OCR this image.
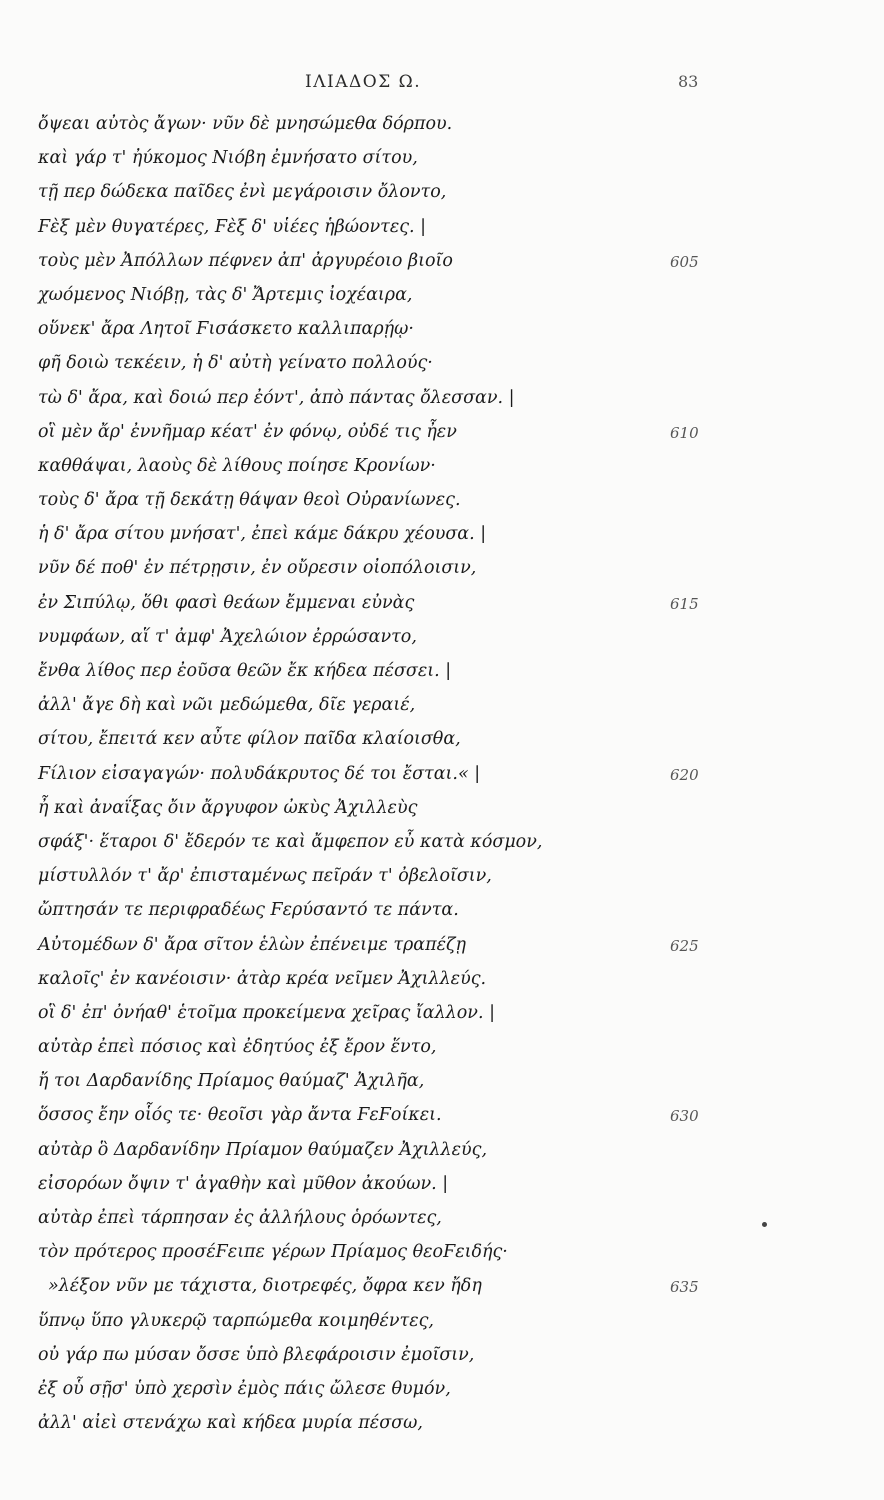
ΙΛΙΑΔΟΣ Ω.	83
ὄψεαι αὐτὸς ἄγων· νῦν δὲ μνησώμεθα δόρπου.
καὶ γάρ τ' ἠύκομος Νιόβη ἐμνήσατο σίτου,
τῇ περ δώδεκα παῖδες ἐνὶ μεγάροισιν ὄλοντο,
Ϝὲξ μὲν θυγατέρες, Ϝὲξ δ' υἱέες ἡβώοντες. |
τοὺς μὲν Ἀπόλλων πέφνεν ἀπ' ἀργυρέοιο βιοῖο	605
χωόμενος Νιόβῃ, τὰς δ' Ἄρτεμις ἰοχέαιρα,
οὕνεκ' ἄρα Λητοῖ Ϝισάσκετο καλλιπαρῄῳ·
φῆ δοιὼ τεκέειν, ἡ δ' αὐτὴ γείνατο πολλούς·
τὼ δ' ἄρα, καὶ δοιώ περ ἐόντ', ἀπὸ πάντας ὄλεσσαν. |
οἳ μὲν ἄρ' ἐννῆμαρ κέατ' ἐν φόνῳ, οὐδέ τις ἦεν	610
καθθάψαι, λαοὺς δὲ λίθους ποίησε Κρονίων·
τοὺς δ' ἄρα τῇ δεκάτῃ θάψαν θεοὶ Οὐρανίωνες.
ἡ δ' ἄρα σίτου μνήσατ', ἐπεὶ κάμε δάκρυ χέουσα. |
νῦν δέ ποθ' ἐν πέτρῃσιν, ἐν οὔρεσιν οἰοπόλοισιν,
ἐν Σιπύλῳ, ὅθι φασὶ θεάων ἔμμεναι εὐνὰς	615
νυμφάων, αἵ τ' ἀμφ' Ἀχελώιον ἐρρώσαντο,
ἔνθα λίθος περ ἐοῦσα θεῶν ἔκ κήδεα πέσσει. |
ἀλλ' ἄγε δὴ καὶ νῶι μεδώμεθα, δῖε γεραιέ,
σίτου, ἔπειτά κεν αὖτε φίλον παῖδα κλαίοισθα,
Ϝίλιον εἰσαγαγών· πολυδάκρυτος δέ τοι ἔσται.« |	620
ἦ καὶ ἀναΐξας ὄιν ἄργυφον ὠκὺς Ἀχιλλεὺς
σφάξ'· ἕταροι δ' ἔδερόν τε καὶ ἄμφεπον εὖ κατὰ κόσμον,
μίστυλλόν τ' ἄρ' ἐπισταμένως πεῖράν τ' ὀβελοῖσιν,
ὤπτησάν τε περιφραδέως Ϝερύσαντό τε πάντα.
Αὐτομέδων δ' ἄρα σῖτον ἑλὼν ἐπένειμε τραπέζῃ	625
καλοῖς' ἐν κανέοισιν· ἀτὰρ κρέα νεῖμεν Ἀχιλλεύς.
οἳ δ' ἐπ' ὀνήαθ' ἑτοῖμα προκείμενα χεῖρας ἴαλλον. |
αὐτὰρ ἐπεὶ πόσιος καὶ ἐδητύος ἐξ ἔρον ἕντο,
ἤ τοι Δαρδανίδης Πρίαμος θαύμαζ' Ἀχιλῆα,
ὅσσος ἔην οἷός τε· θεοῖσι γὰρ ἄντα ϜεϜοίκει.	630
αὐτὰρ ὃ Δαρδανίδην Πρίαμον θαύμαζεν Ἀχιλλεύς,
εἰσορόων ὄψιν τ' ἀγαθὴν καὶ μῦθον ἀκούων. |
αὐτὰρ ἐπεὶ τάρπησαν ἐς ἀλλήλους ὁρόωντες,
τὸν πρότερος προσέϜειπε γέρων Πρίαμος θεοϜειδής·
»λέξον νῦν με τάχιστα, διοτρεφές, ὄφρα κεν ἤδη	635
ὕπνῳ ὕπο γλυκερῷ ταρπώμεθα κοιμηθέντες,
οὐ γάρ πω μύσαν ὄσσε ὑπὸ βλεφάροισιν ἐμοῖσιν,
ἐξ οὗ σῇσ' ὑπὸ χερσὶν ἐμὸς πάις ὤλεσε θυμόν,
ἀλλ' αἰεὶ στενάχω καὶ κήδεα μυρία πέσσω,
